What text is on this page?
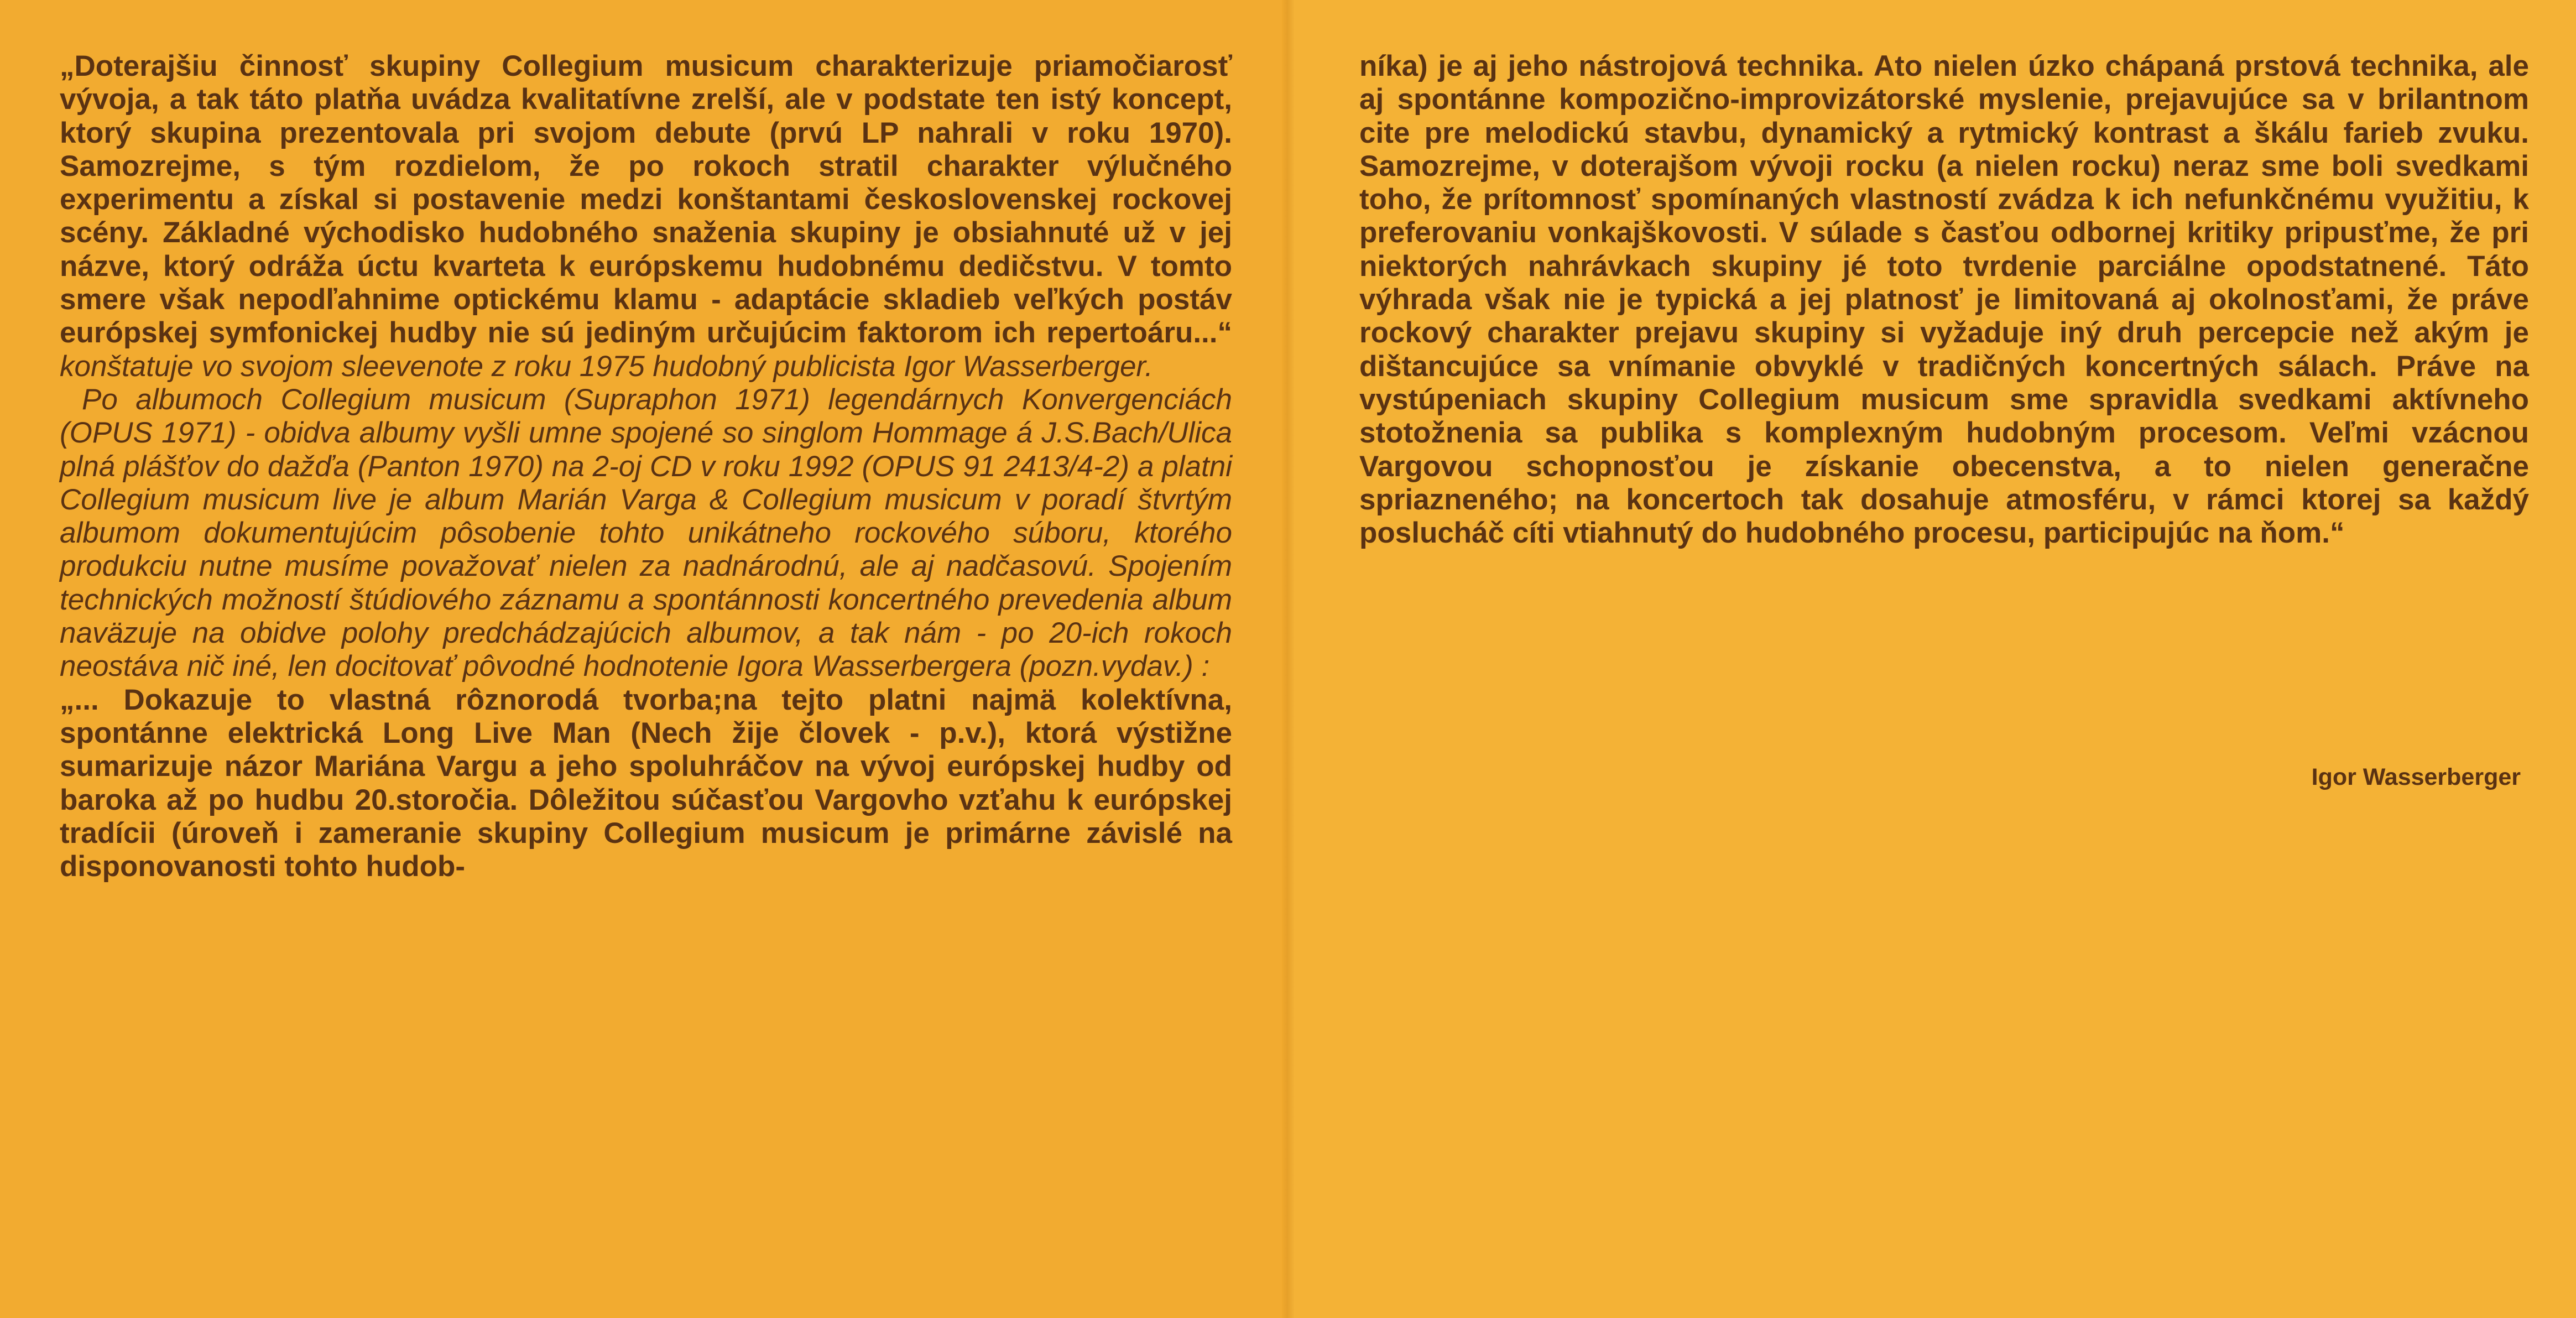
„Doterajšiu činnosť skupiny Collegium musicum charakterizuje priamočiarosť vývoja, a tak táto platňa uvádza kvalitatívne zrelší, ale v podstate ten istý koncept, ktorý skupina prezentovala pri svojom debute (prvú LP nahrali v roku 1970). Samozrejme, s tým rozdielom, že po rokoch stratil charakter výlučného experimentu a získal si postavenie medzi konštantami československej rockovej scény. Základné východisko hudobného snaženia skupiny je obsiahnuté už v jej názve, ktorý odráža úctu kvarteta k európskemu hudobnému dedičstvu. V tomto smere však nepodľahnime optickému klamu - adaptácie skladieb veľkých postáv európskej symfonickej hudby nie sú jediným určujúcim faktorom ich repertoáru...“ konštatuje vo svojom sleevenote z roku 1975 hudobný publicista Igor Wasserberger.

Po albumoch Collegium musicum (Supraphon 1971) legendárnych Konvergenciách (OPUS 1971) - obidva albumy vyšli umne spojené so singlom Hommage á J.S.Bach/Ulica plná plášťov do dažďa (Panton 1970) na 2-oj CD v roku 1992 (OPUS 91 2413/4-2) a platni Collegium musicum live je album Marián Varga & Collegium musicum v poradí štvrtým albumom dokumentujúcim pôsobenie tohto unikátneho rockového súboru, ktorého produkciu nutne musíme považovať nielen za nadnárodnú, ale aj nadčasovú. Spojením technických možností štúdiového záznamu a spontánnosti koncertného prevedenia album naväzuje na obidve polohy predchádzajúcich albumov, a tak nám - po 20-ich rokoch neostáva nič iné, len docitovať pôvodné hodnotenie Igora Wasserbergera (pozn.vydav.) :

„... Dokazuje to vlastná rôznorodá tvorba;na tejto platni najmä kolektívna, spontánne elektrická Long Live Man (Nech žije človek - p.v.), ktorá výstižne sumarizuje názor Mariána Vargu a jeho spoluhráčov na vývoj európskej hudby od baroka až po hudbu 20.storočia. Dôležitou súčasťou Vargovho vzťahu k európskej tradícii (úroveň i zameranie skupiny Collegium musicum je primárne závislé na disponovanosti tohto hudob-

níka) je aj jeho nástrojová technika. Ato nielen úzko chápaná prstová technika, ale aj spontánne kompozično-improvizátorské myslenie, prejavujúce sa v brilantnom cite pre melodickú stavbu, dynamický a rytmický kontrast a škálu farieb zvuku. Samozrejme, v doterajšom vývoji rocku (a nielen rocku) neraz sme boli svedkami toho, že prítomnosť spomínaných vlastností zvádza k ich nefunkčnému využitiu, k preferovaniu vonkajškovosti. V súlade s časťou odbornej kritiky pripusťme, že pri niektorých nahrávkach skupiny jé toto tvrdenie parciálne opodstatnené. Táto výhrada však nie je typická a jej platnosť je limitovaná aj okolnosťami, že práve rockový charakter prejavu skupiny si vyžaduje iný druh percepcie než akým je dištancujúce sa vnímanie obvyklé v tradičných koncertných sálach. Práve na vystúpeniach skupiny Collegium musicum sme spravidla svedkami aktívneho stotožnenia sa publika s komplexným hudobným procesom. Veľmi vzácnou Vargovou schopnosťou je získanie obecenstva, a to nielen generačne spriazneného; na koncertoch tak dosahuje atmosféru, v rámci ktorej sa každý poslucháč cíti vtiahnutý do hudobného procesu, participujúc na ňom.“

Igor Wasserberger
